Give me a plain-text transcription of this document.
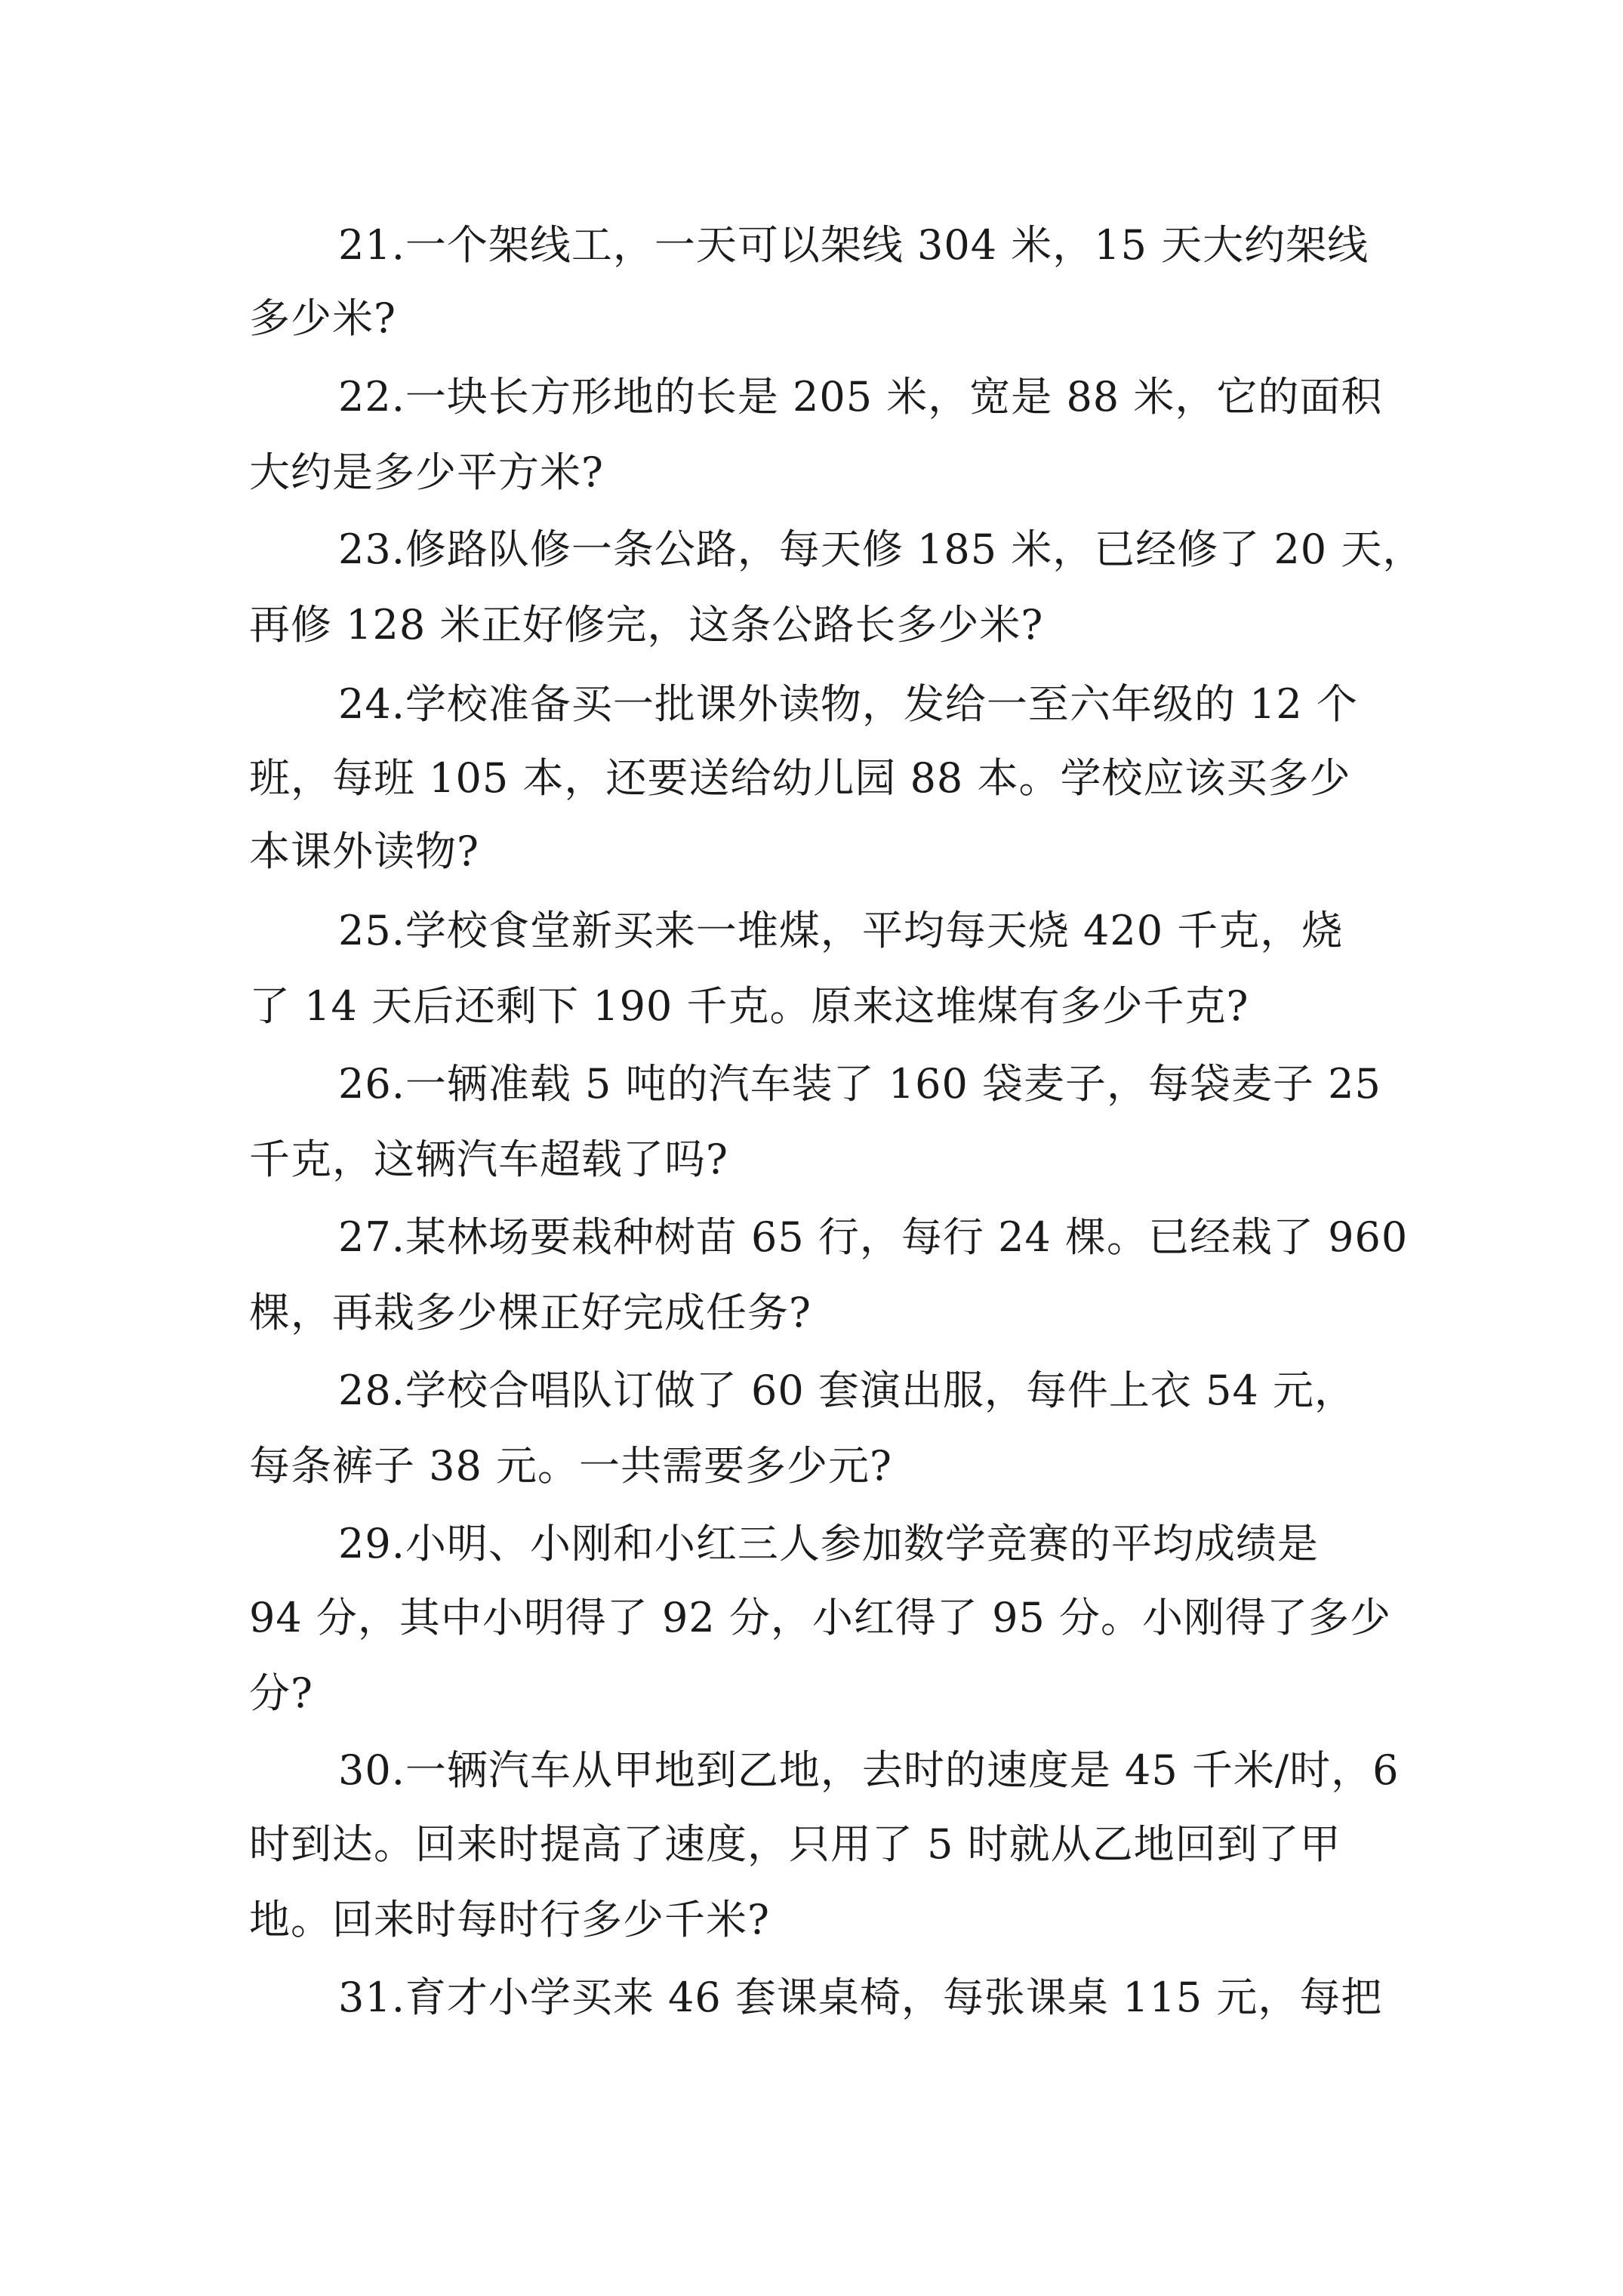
21.一个架线工，一天可以架线 304 米，15 天大约架线
多少米?
22.一块长方形地的长是 205 米，宽是 88 米，它的面积
大约是多少平方米?
23.修路队修一条公路，每天修 185 米，已经修了 20 天，
再修 128 米正好修完，这条公路长多少米?
24.学校准备买一批课外读物，发给一至六年级的 12 个
班，每班 105 本，还要送给幼儿园 88 本。学校应该买多少
本课外读物?
25.学校食堂新买来一堆煤，平均每天烧 420 千克，烧
了 14 天后还剩下 190 千克。原来这堆煤有多少千克?
26.一辆准载 5 吨的汽车装了 160 袋麦子，每袋麦子 25
千克，这辆汽车超载了吗?
27.某林场要栽种树苗 65 行，每行 24 棵。已经栽了 960
棵，再栽多少棵正好完成任务?
28.学校合唱队订做了 60 套演出服，每件上衣 54 元，
每条裤子 38 元。一共需要多少元?
29.小明、小刚和小红三人参加数学竞赛的平均成绩是
94 分，其中小明得了 92 分，小红得了 95 分。小刚得了多少
分?
30.一辆汽车从甲地到乙地，去时的速度是 45 千米/时，6
时到达。回来时提高了速度，只用了 5 时就从乙地回到了甲
地。回来时每时行多少千米?
31.育才小学买来 46 套课桌椅，每张课桌 115 元，每把
